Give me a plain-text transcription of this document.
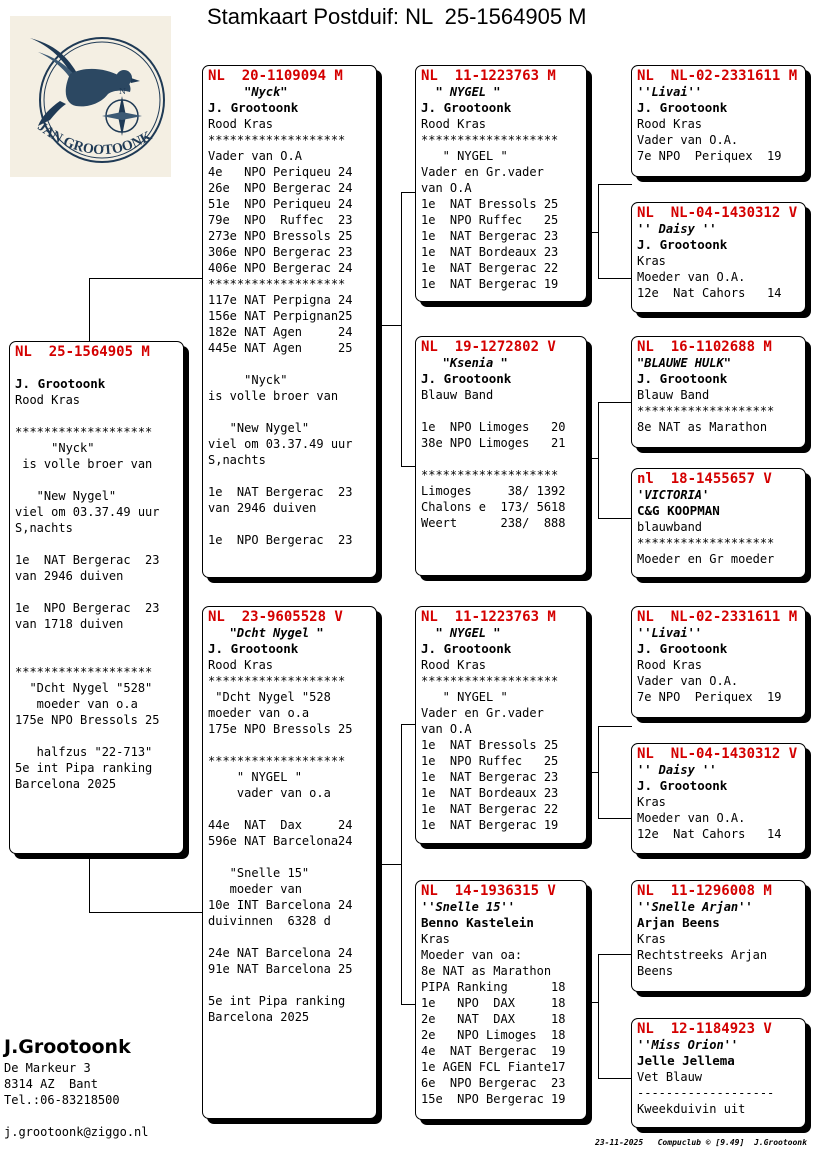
Stamkaart Postduif: NL  25-1564905 M
N
JAN GROOTOONK
NL  25-1564905 M
J. Grootoonk
Rood Kras
*******************
"Nyck"
is volle broer van
"New Nygel"
viel om 03.37.49 uur
S,nachts
1e  NAT Bergerac  23
van 2946 duiven
1e  NPO Bergerac  23
van 1718 duiven
*******************
"Dcht Nygel "528"
moeder van o.a
175e NPO Bressols 25
halfzus "22-713"
5e int Pipa ranking
Barcelona 2025
NL  20-1109094 M
"Nyck"
J. Grootoonk
Rood Kras
*******************
Vader van O.A
4e   NPO Periqueu 24
26e  NPO Bergerac 24
51e  NPO Periqueu 24
79e  NPO  Ruffec  23
273e NPO Bressols 25
306e NPO Bergerac 23
406e NPO Bergerac 24
*******************
117e NAT Perpigna 24
156e NAT Perpignan25
182e NAT Agen     24
445e NAT Agen     25
"Nyck"
is volle broer van
"New Nygel"
viel om 03.37.49 uur
S,nachts
1e  NAT Bergerac  23
van 2946 duiven
1e  NPO Bergerac  23
NL  23-9605528 V
"Dcht Nygel "
J. Grootoonk
Rood Kras
*******************
"Dcht Nygel "528
moeder van o.a
175e NPO Bressols 25
*******************
" NYGEL "
vader van o.a
44e  NAT  Dax     24
596e NAT Barcelona24
"Snelle 15"
moeder van
10e INT Barcelona 24
duivinnen  6328 d
24e NAT Barcelona 24
91e NAT Barcelona 25
5e int Pipa ranking
Barcelona 2025
NL  11-1223763 M
" NYGEL "
J. Grootoonk
Rood Kras
*******************
" NYGEL "
Vader en Gr.vader
van O.A
1e  NAT Bressols 25
1e  NPO Ruffec   25
1e  NAT Bergerac 23
1e  NAT Bordeaux 23
1e  NAT Bergerac 22
1e  NAT Bergerac 19
NL  19-1272802 V
"Ksenia "
J. Grootoonk
Blauw Band
1e  NPO Limoges   20
38e NPO Limoges   21
*******************
Limoges     38/ 1392
Chalons e  173/ 5618
Weert      238/  888
NL  11-1223763 M
" NYGEL "
J. Grootoonk
Rood Kras
*******************
" NYGEL "
Vader en Gr.vader
van O.A
1e  NAT Bressols 25
1e  NPO Ruffec   25
1e  NAT Bergerac 23
1e  NAT Bordeaux 23
1e  NAT Bergerac 22
1e  NAT Bergerac 19
NL  14-1936315 V
''Snelle 15''
Benno Kastelein
Kras
Moeder van oa:
8e NAT as Marathon
PIPA Ranking      18
1e   NPO  DAX     18
2e   NAT  DAX     18
2e   NPO Limoges  18
4e  NAT Bergerac  19
1e AGEN FCL Fiante17
6e  NPO Bergerac  23
15e  NPO Bergerac 19
NL  NL-02-2331611 M
''Livai''
J. Grootoonk
Rood Kras
Vader van O.A.
7e NPO  Periquex  19
NL  NL-04-1430312 V
'' Daisy ''
J. Grootoonk
Kras
Moeder van O.A.
12e  Nat Cahors   14
NL  16-1102688 M
"BLAUWE HULK"
J. Grootoonk
Blauw Band
*******************
8e NAT as Marathon
nl  18-1455657 V
'VICTORIA'
C&G KOOPMAN
blauwband
*******************
Moeder en Gr moeder
NL  NL-02-2331611 M
''Livai''
J. Grootoonk
Rood Kras
Vader van O.A.
7e NPO  Periquex  19
NL  NL-04-1430312 V
'' Daisy ''
J. Grootoonk
Kras
Moeder van O.A.
12e  Nat Cahors   14
NL  11-1296008 M
''Snelle Arjan''
Arjan Beens
Kras
Rechtstreeks Arjan
Beens
NL  12-1184923 V
''Miss Orion''
Jelle Jellema
Vet Blauw
-------------------
Kweekduivin uit
J.Grootoonk
De Markeur 3
8314 AZ  Bant
Tel.:06-83218500
j.grootoonk@ziggo.nl
23-11-2025   Compuclub © [9.49]  J.Grootoonk
